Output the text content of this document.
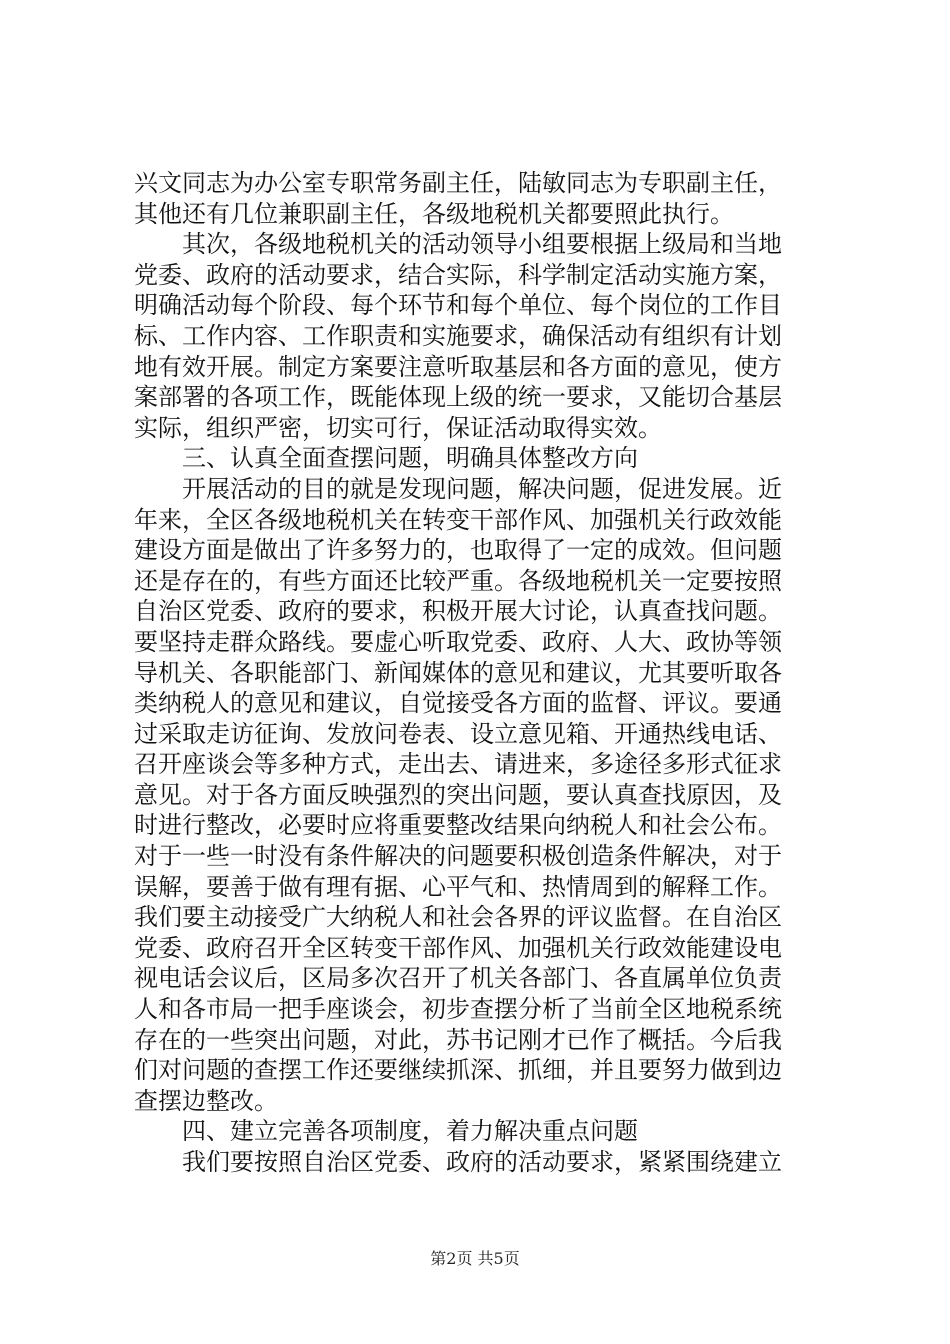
兴文同志为办公室专职常务副主任，陆敏同志为专职副主任，
其他还有几位兼职副主任，各级地税机关都要照此执行。
其次，各级地税机关的活动领导小组要根据上级局和当地
党委、政府的活动要求，结合实际，科学制定活动实施方案，
明确活动每个阶段、每个环节和每个单位、每个岗位的工作目
标、工作内容、工作职责和实施要求，确保活动有组织有计划
地有效开展。制定方案要注意听取基层和各方面的意见，使方
案部署的各项工作，既能体现上级的统一要求，又能切合基层
实际，组织严密，切实可行，保证活动取得实效。
三、认真全面查摆问题，明确具体整改方向
开展活动的目的就是发现问题，解决问题，促进发展。近
年来，全区各级地税机关在转变干部作风、加强机关行政效能
建设方面是做出了许多努力的，也取得了一定的成效。但问题
还是存在的，有些方面还比较严重。各级地税机关一定要按照
自治区党委、政府的要求，积极开展大讨论，认真查找问题。
要坚持走群众路线。要虚心听取党委、政府、人大、政协等领
导机关、各职能部门、新闻媒体的意见和建议，尤其要听取各
类纳税人的意见和建议，自觉接受各方面的监督、评议。要通
过采取走访征询、发放问卷表、设立意见箱、开通热线电话、
召开座谈会等多种方式，走出去、请进来，多途径多形式征求
意见。对于各方面反映强烈的突出问题，要认真查找原因，及
时进行整改，必要时应将重要整改结果向纳税人和社会公布。
对于一些一时没有条件解决的问题要积极创造条件解决，对于
误解，要善于做有理有据、心平气和、热情周到的解释工作。
我们要主动接受广大纳税人和社会各界的评议监督。在自治区
党委、政府召开全区转变干部作风、加强机关行政效能建设电
视电话会议后，区局多次召开了机关各部门、各直属单位负责
人和各市局一把手座谈会，初步查摆分析了当前全区地税系统
存在的一些突出问题，对此，苏书记刚才已作了概括。今后我
们对问题的查摆工作还要继续抓深、抓细，并且要努力做到边
查摆边整改。
四、建立完善各项制度，着力解决重点问题
我们要按照自治区党委、政府的活动要求，紧紧围绕建立
第2页 共5页
